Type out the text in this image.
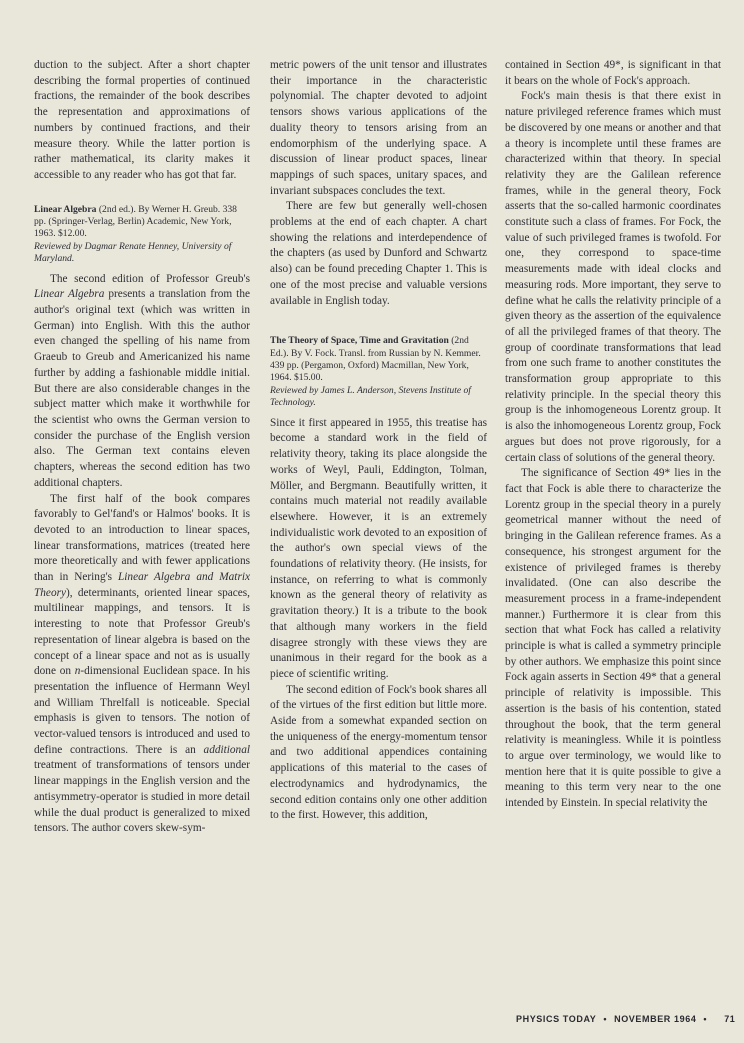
duction to the subject. After a short chapter describing the formal properties of continued fractions, the remainder of the book describes the representation and approximations of numbers by continued fractions, and their measure theory. While the latter portion is rather mathematical, its clarity makes it accessible to any reader who has got that far.

Linear Algebra (2nd ed.). By Werner H. Greub. 338 pp. (Springer-Verlag, Berlin) Academic, New York, 1963. $12.00.
Reviewed by Dagmar Renate Henney, University of Maryland.

The second edition of Professor Greub's Linear Algebra presents a translation from the author's original text (which was written in German) into English. With this the author even changed the spelling of his name from Graeub to Greub and Americanized his name further by adding a fashionable middle initial. But there are also considerable changes in the subject matter which make it worthwhile for the scientist who owns the German version to consider the purchase of the English version also. The German text contains eleven chapters, whereas the second edition has two additional chapters.

The first half of the book compares favorably to Gel'fand's or Halmos' books. It is devoted to an introduction to linear spaces, linear transformations, matrices (treated here more theoretically and with fewer applications than in Nering's Linear Algebra and Matrix Theory), determinants, oriented linear spaces, multilinear mappings, and tensors. It is interesting to note that Professor Greub's representation of linear algebra is based on the concept of a linear space and not as is usually done on n-dimensional Euclidean space. In his presentation the influence of Hermann Weyl and William Threlfall is noticeable. Special emphasis is given to tensors. The notion of vector-valued tensors is introduced and used to define contractions. There is an additional treatment of transformations of tensors under linear mappings in the English version and the antisymmetry-operator is studied in more detail while the dual product is generalized to mixed tensors. The author covers skew-sym-

metric powers of the unit tensor and illustrates their importance in the characteristic polynomial. The chapter devoted to adjoint tensors shows various applications of the duality theory to tensors arising from an endomorphism of the underlying space. A discussion of linear product spaces, linear mappings of such spaces, unitary spaces, and invariant subspaces concludes the text.

There are few but generally well-chosen problems at the end of each chapter. A chart showing the relations and interdependence of the chapters (as used by Dunford and Schwartz also) can be found preceding Chapter 1. This is one of the most precise and valuable versions available in English today.

The Theory of Space, Time and Gravitation (2nd Ed.). By V. Fock. Transl. from Russian by N. Kemmer. 439 pp. (Pergamon, Oxford) Macmillan, New York, 1964. $15.00.
Reviewed by James L. Anderson, Stevens Institute of Technology.

Since it first appeared in 1955, this treatise has become a standard work in the field of relativity theory, taking its place alongside the works of Weyl, Pauli, Eddington, Tolman, Möller, and Bergmann. Beautifully written, it contains much material not readily available elsewhere. However, it is an extremely individualistic work devoted to an exposition of the author's own special views of the foundations of relativity theory. (He insists, for instance, on referring to what is commonly known as the general theory of relativity as gravitation theory.) It is a tribute to the book that although many workers in the field disagree strongly with these views they are unanimous in their regard for the book as a piece of scientific writing.

The second edition of Fock's book shares all of the virtues of the first edition but little more. Aside from a somewhat expanded section on the uniqueness of the energy-momentum tensor and two additional appendices containing applications of this material to the cases of electrodynamics and hydrodynamics, the second edition contains only one other addition to the first. However, this addition,

contained in Section 49*, is significant in that it bears on the whole of Fock's approach.

Fock's main thesis is that there exist in nature privileged reference frames which must be discovered by one means or another and that a theory is incomplete until these frames are characterized within that theory. In special relativity they are the Galilean reference frames, while in the general theory, Fock asserts that the so-called harmonic coordinates constitute such a class of frames. For Fock, the value of such privileged frames is twofold. For one, they correspond to space-time measurements made with ideal clocks and measuring rods. More important, they serve to define what he calls the relativity principle of a given theory as the assertion of the equivalence of all the privileged frames of that theory. The group of coordinate transformations that lead from one such frame to another constitutes the transformation group appropriate to this relativity principle. In the special theory this group is the inhomogeneous Lorentz group. It is also the inhomogeneous Lorentz group, Fock argues but does not prove rigorously, for a certain class of solutions of the general theory.

The significance of Section 49* lies in the fact that Fock is able there to characterize the Lorentz group in the special theory in a purely geometrical manner without the need of bringing in the Galilean reference frames. As a consequence, his strongest argument for the existence of privileged frames is thereby invalidated. (One can also describe the measurement process in a frame-independent manner.) Furthermore it is clear from this section that what Fock has called a relativity principle is what is called a symmetry principle by other authors. We emphasize this point since Fock again asserts in Section 49* that a general principle of relativity is impossible. This assertion is the basis of his contention, stated throughout the book, that the term general relativity is meaningless. While it is pointless to argue over terminology, we would like to mention here that it is quite possible to give a meaning to this term very near to the one intended by Einstein. In special relativity the

PHYSICS TODAY • NOVEMBER 1964 • 71
